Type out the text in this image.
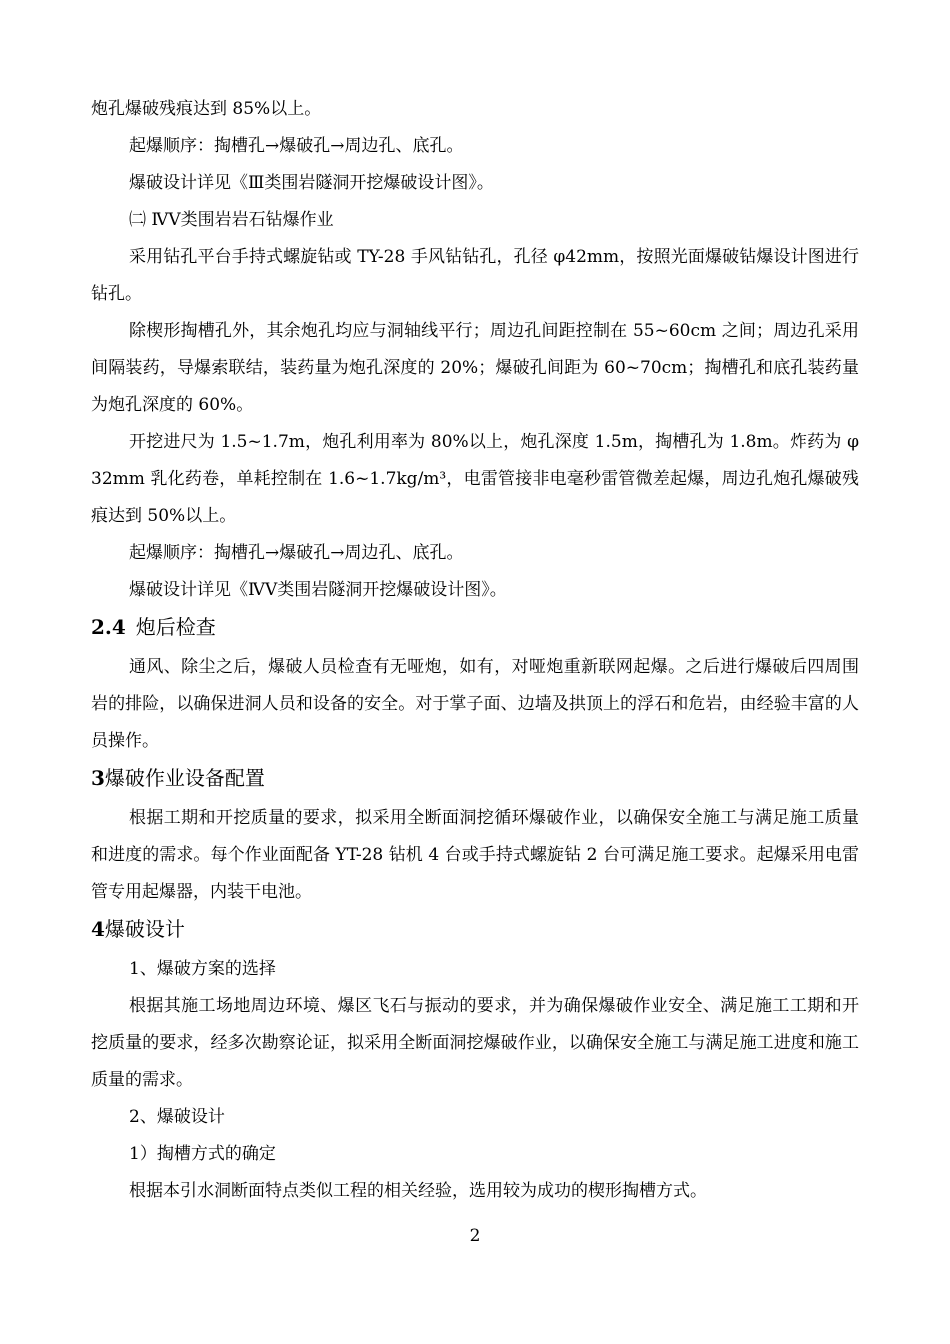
炮孔爆破残痕达到 85%以上。

起爆顺序：掏槽孔→爆破孔→周边孔、底孔。

爆破设计详见《Ⅲ类围岩隧洞开挖爆破设计图》。

㈡ ⅣⅤ类围岩岩石钻爆作业

采用钻孔平台手持式螺旋钻或 TY-28 手风钻钻孔，孔径 φ42mm，按照光面爆破钻爆设计图进行钻孔。

除楔形掏槽孔外，其余炮孔均应与洞轴线平行；周边孔间距控制在 55~60cm 之间；周边孔采用间隔装药，导爆索联结，装药量为炮孔深度的 20%；爆破孔间距为 60~70cm；掏槽孔和底孔装药量为炮孔深度的 60%。

开挖进尺为 1.5~1.7m，炮孔利用率为 80%以上，炮孔深度 1.5m，掏槽孔为 1.8m。炸药为 φ32mm 乳化药卷，单耗控制在 1.6~1.7kg/m³，电雷管接非电毫秒雷管微差起爆，周边孔炮孔爆破残痕达到 50%以上。

起爆顺序：掏槽孔→爆破孔→周边孔、底孔。

爆破设计详见《ⅣⅤ类围岩隧洞开挖爆破设计图》。

2.4 炮后检查

通风、除尘之后，爆破人员检查有无哑炮，如有，对哑炮重新联网起爆。之后进行爆破后四周围岩的排险，以确保进洞人员和设备的安全。对于掌子面、边墙及拱顶上的浮石和危岩，由经验丰富的人员操作。

3爆破作业设备配置

根据工期和开挖质量的要求，拟采用全断面洞挖循环爆破作业，以确保安全施工与满足施工质量和进度的需求。每个作业面配备 YT-28 钻机 4 台或手持式螺旋钻 2 台可满足施工要求。起爆采用电雷管专用起爆器，内装干电池。

4爆破设计

1、爆破方案的选择

根据其施工场地周边环境、爆区飞石与振动的要求，并为确保爆破作业安全、满足施工工期和开挖质量的要求，经多次勘察论证，拟采用全断面洞挖爆破作业，以确保安全施工与满足施工进度和施工质量的需求。

2、爆破设计

1）掏槽方式的确定

根据本引水洞断面特点类似工程的相关经验，选用较为成功的楔形掏槽方式。

2
